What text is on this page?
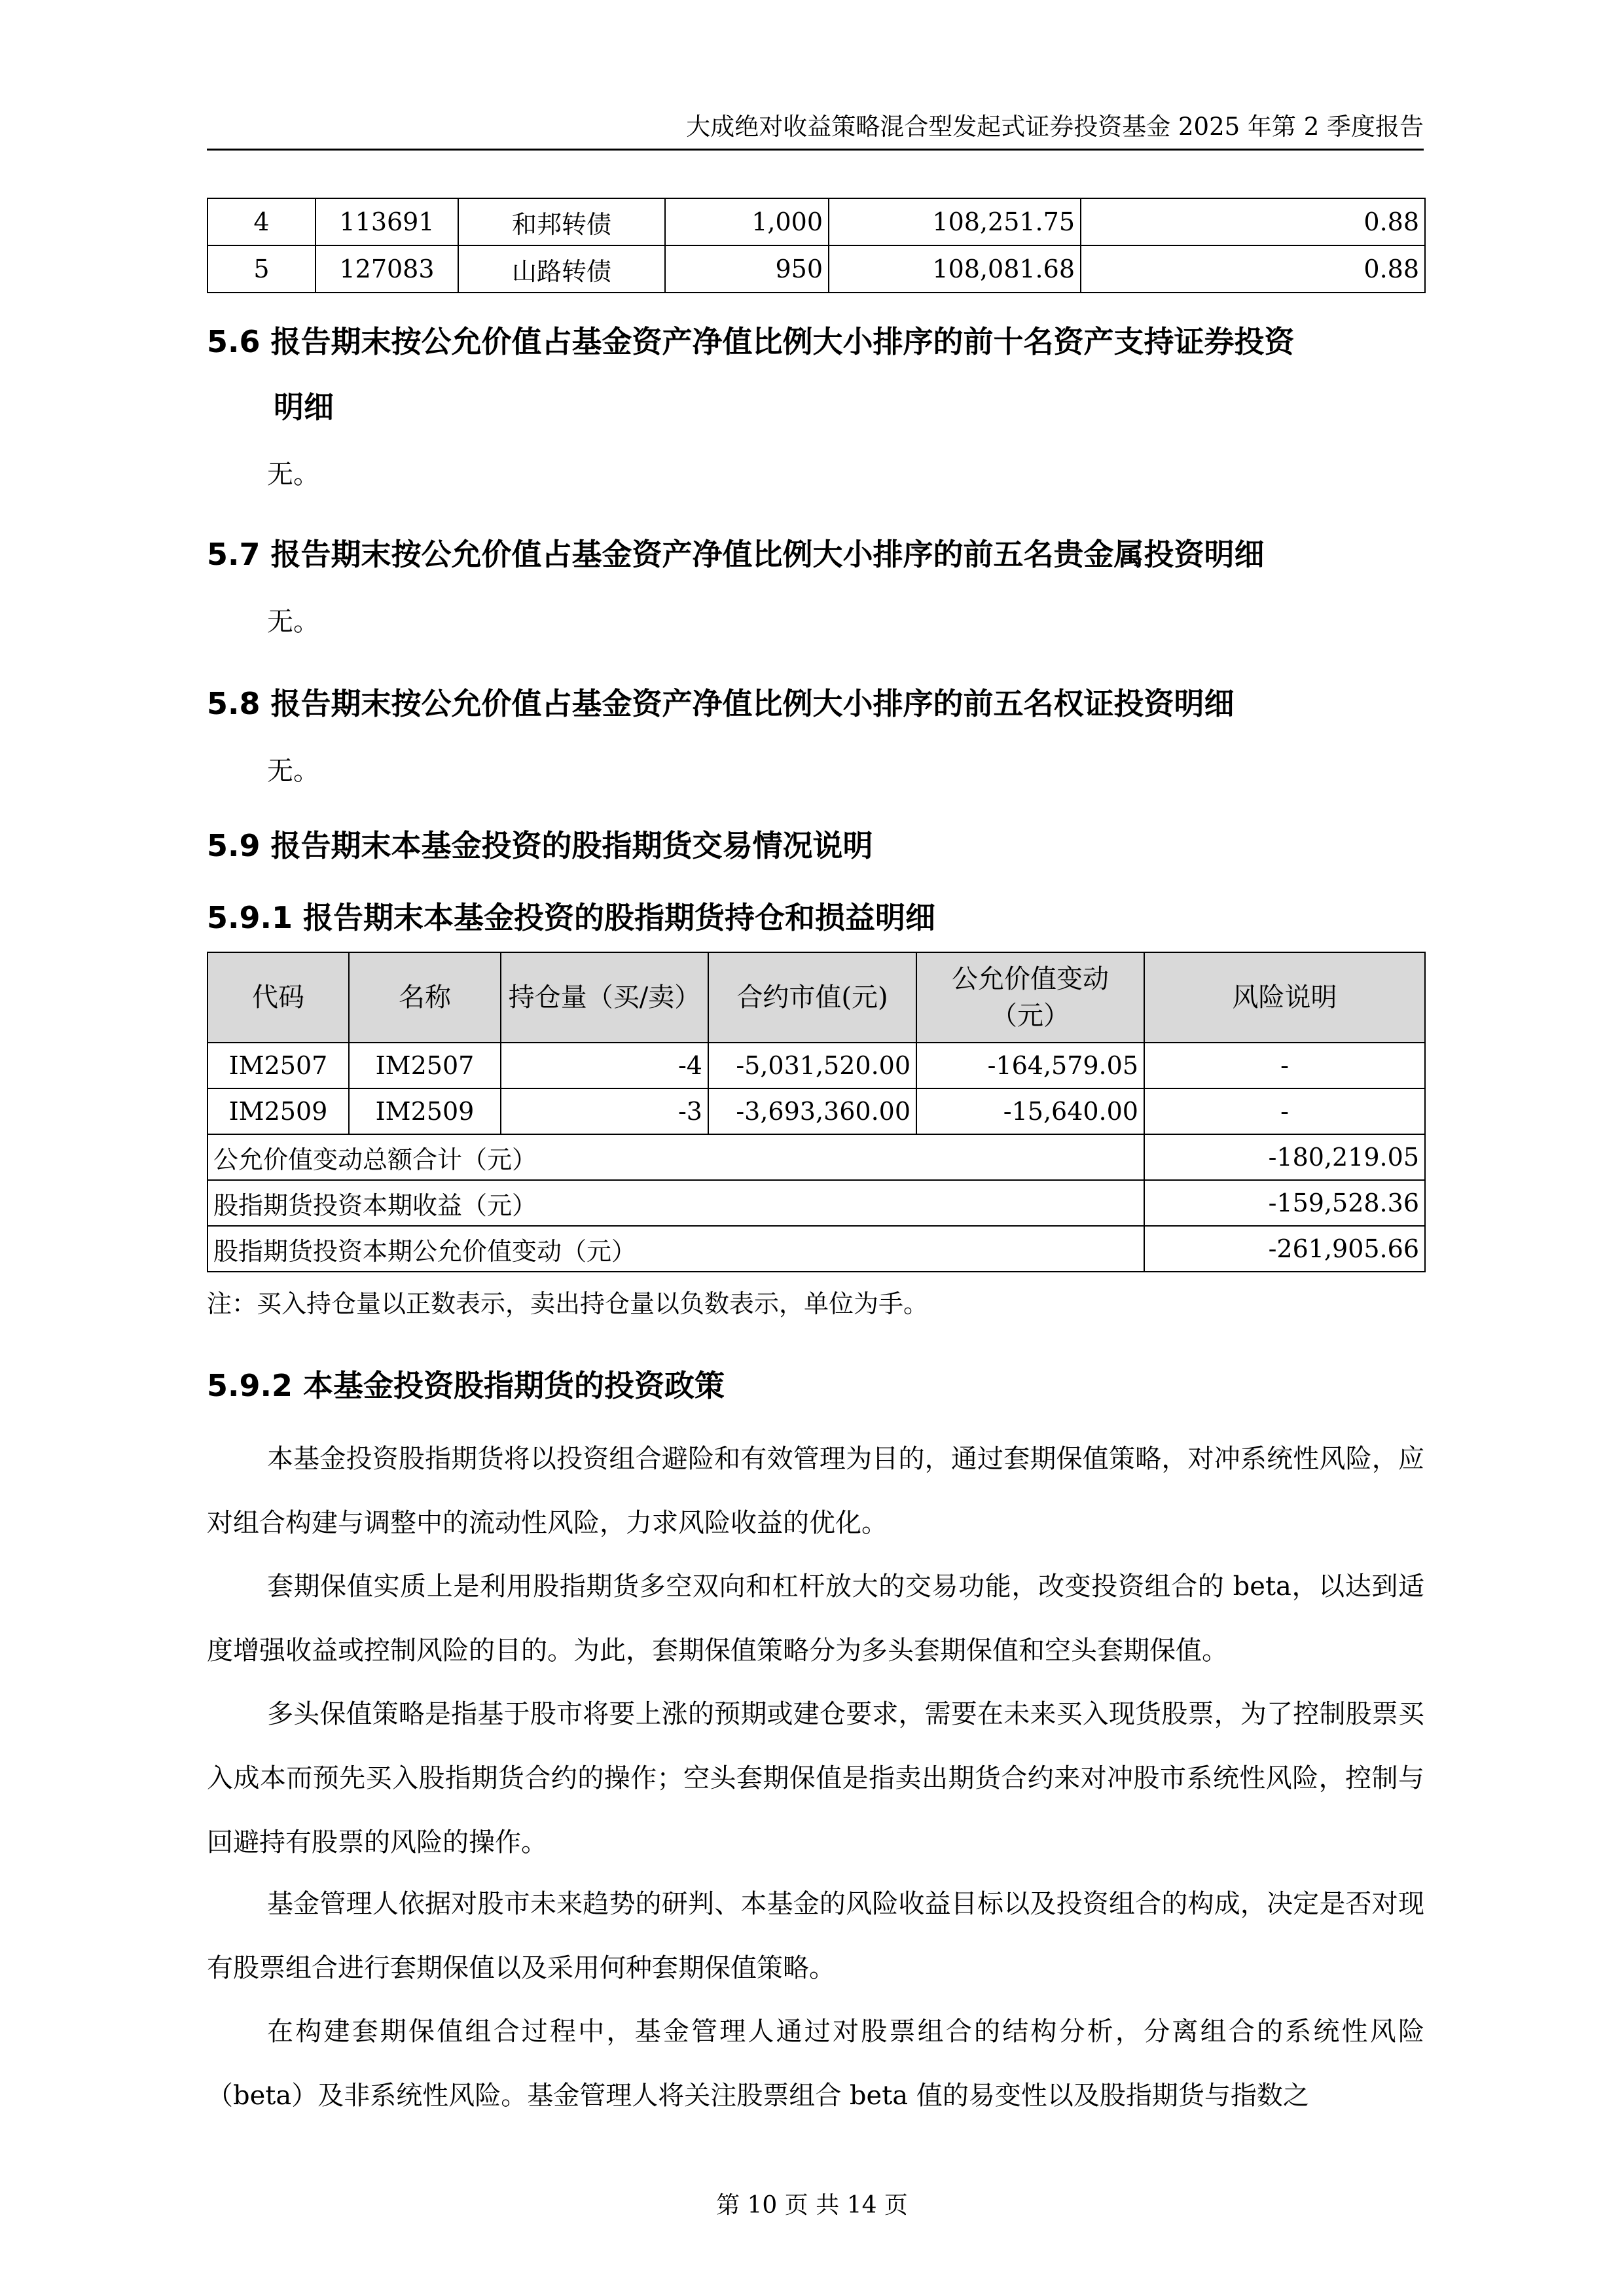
大成绝对收益策略混合型发起式证券投资基金 2025 年第 2 季度报告
4	113691	和邦转债	1,000	108,251.75	0.88
5	127083	山路转债	950	108,081.68	0.88
5.6 报告期末按公允价值占基金资产净值比例大小排序的前十名资产支持证券投资
明细
无。
5.7 报告期末按公允价值占基金资产净值比例大小排序的前五名贵金属投资明细
无。
5.8 报告期末按公允价值占基金资产净值比例大小排序的前五名权证投资明细
无。
5.9 报告期末本基金投资的股指期货交易情况说明
5.9.1 报告期末本基金投资的股指期货持仓和损益明细
代码	名称	持仓量（买/卖）	合约市值(元)	公允价值变动（元）	风险说明
IM2507	IM2507	-4	-5,031,520.00	-164,579.05	-
IM2509	IM2509	-3	-3,693,360.00	-15,640.00	-
公允价值变动总额合计（元）					-180,219.05
股指期货投资本期收益（元）					-159,528.36
股指期货投资本期公允价值变动（元）					-261,905.66
注：买入持仓量以正数表示，卖出持仓量以负数表示，单位为手。
5.9.2 本基金投资股指期货的投资政策
本基金投资股指期货将以投资组合避险和有效管理为目的，通过套期保值策略，对冲系统性风险，应对组合构建与调整中的流动性风险，力求风险收益的优化。
套期保值实质上是利用股指期货多空双向和杠杆放大的交易功能，改变投资组合的 beta，以达到适度增强收益或控制风险的目的。为此，套期保值策略分为多头套期保值和空头套期保值。
多头保值策略是指基于股市将要上涨的预期或建仓要求，需要在未来买入现货股票，为了控制股票买入成本而预先买入股指期货合约的操作；空头套期保值是指卖出期货合约来对冲股市系统性风险，控制与回避持有股票的风险的操作。
基金管理人依据对股市未来趋势的研判、本基金的风险收益目标以及投资组合的构成，决定是否对现有股票组合进行套期保值以及采用何种套期保值策略。
在构建套期保值组合过程中，基金管理人通过对股票组合的结构分析，分离组合的系统性风险（beta）及非系统性风险。基金管理人将关注股票组合 beta 值的易变性以及股指期货与指数之
第 10 页 共 14 页
